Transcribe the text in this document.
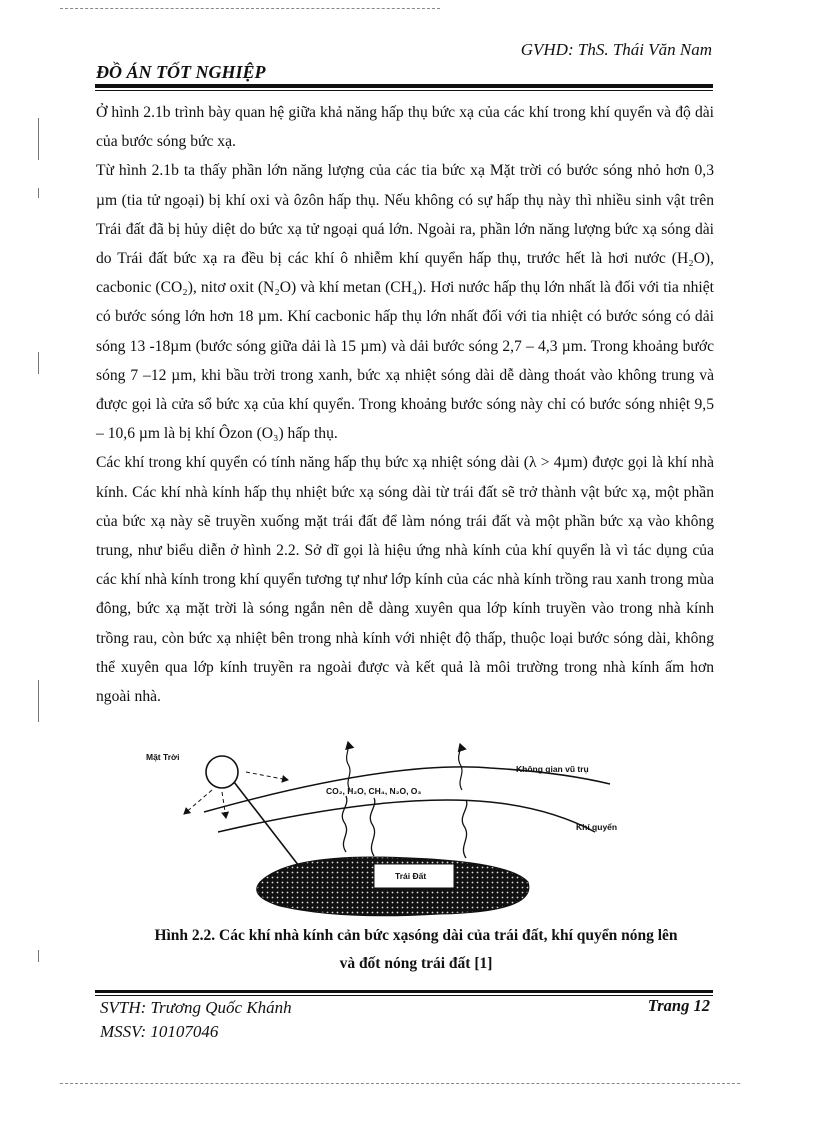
GVHD: ThS. Thái Văn Nam
ĐỒ ÁN TỐT NGHIỆP

Ở hình 2.1b trình bày quan hệ giữa khả năng hấp thụ bức xạ của các khí trong khí quyển và độ dài của bước sóng bức xạ.

Từ hình 2.1b ta thấy phần lớn năng lượng của các tia bức xạ Mặt trời có bước sóng nhỏ hơn 0,3 µm (tia tử ngoại) bị khí oxi và ôzôn hấp thụ. Nếu không có sự hấp thụ này thì nhiều sinh vật trên Trái đất đã bị hủy diệt do bức xạ tử ngoại quá lớn. Ngoài ra, phần lớn năng lượng bức xạ sóng dài do Trái đất bức xạ ra đều bị các khí ô nhiễm khí quyển hấp thụ, trước hết là hơi nước (H₂O), cacbonic (CO₂), nitơ oxit (N₂O) và khí metan (CH₄). Hơi nước hấp thụ lớn nhất là đối với tia nhiệt có bước sóng lớn hơn 18 µm. Khí cacbonic hấp thụ lớn nhất đối với tia nhiệt có bước sóng có dải sóng 13 -18µm (bước sóng giữa dải là 15 µm) và dải bước sóng 2,7 – 4,3 µm. Trong khoảng bước sóng 7 –12 µm, khi bầu trời trong xanh, bức xạ nhiệt sóng dài dễ dàng thoát vào không trung và được gọi là cửa sổ bức xạ của khí quyển. Trong khoảng bước sóng này chỉ có bước sóng nhiệt 9,5 – 10,6 µm là bị khí Ôzon (O₃) hấp thụ.

Các khí trong khí quyển có tính năng hấp thụ bức xạ nhiệt sóng dài (λ > 4µm) được gọi là khí nhà kính. Các khí nhà kính hấp thụ nhiệt bức xạ sóng dài từ trái đất sẽ trở thành vật bức xạ, một phần của bức xạ này sẽ truyền xuống mặt trái đất để làm nóng trái đất và một phần bức xạ vào không trung, như biểu diễn ở hình 2.2. Sở dĩ gọi là hiệu ứng nhà kính của khí quyển là vì tác dụng của các khí nhà kính trong khí quyển tương tự như lớp kính của các nhà kính trồng rau xanh trong mùa đông, bức xạ mặt trời là sóng ngắn nên dễ dàng xuyên qua lớp kính truyền vào trong nhà kính trồng rau, còn bức xạ nhiệt bên trong nhà kính với nhiệt độ thấp, thuộc loại bước sóng dài, không thể xuyên qua lớp kính truyền ra ngoài được và kết quả là môi trường trong nhà kính ấm hơn ngoài nhà.

Mặt Trời
Không gian vũ trụ
CO₂, H₂O, CH₄, N₂O, O₃
Khí quyển
Trái Đất
Hình 2.2. Các khí nhà kính cản bức xạsóng dài của trái đất, khí quyển nóng lên
và đốt nóng trái đất [1]
SVTH: Trương Quốc Khánh
MSSV: 10107046
Trang 12
